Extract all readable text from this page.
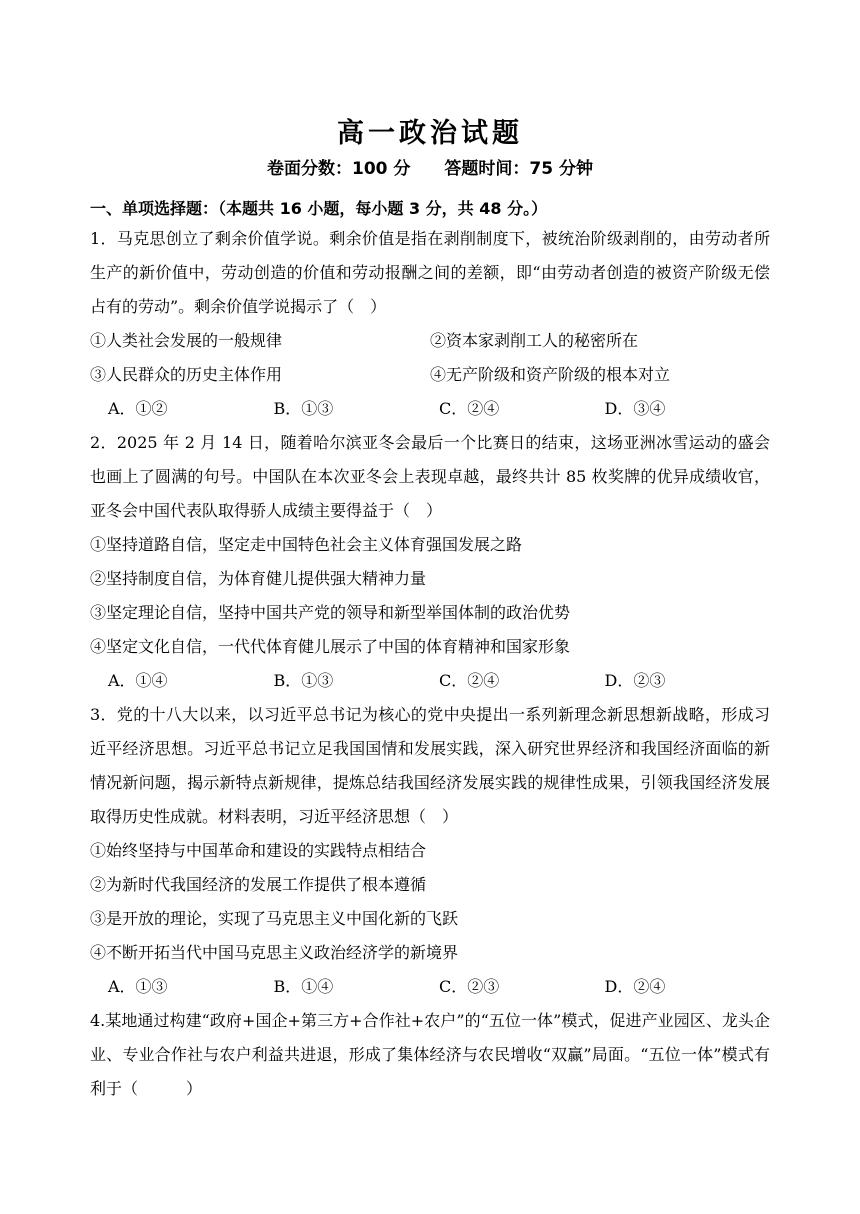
高一政治试题
卷面分数：100 分 答题时间：75 分钟
一、单项选择题：（本题共 16 小题，每小题 3 分，共 48 分。）

1．马克思创立了剩余价值学说。剩余价值是指在剥削制度下，被统治阶级剥削的，由劳动者所生产的新价值中，劳动创造的价值和劳动报酬之间的差额，即“由劳动者创造的被资产阶级无偿占有的劳动”。剩余价值学说揭示了（　）

①人类社会发展的一般规律	②资本家剥削工人的秘密所在
③人民群众的历史主体作用	④无产阶级和资产阶级的根本对立
A．①②	B．①③	C．②④	D．③④

2．2025 年 2 月 14 日，随着哈尔滨亚冬会最后一个比赛日的结束，这场亚洲冰雪运动的盛会也画上了圆满的句号。中国队在本次亚冬会上表现卓越，最终共计 85 枚奖牌的优异成绩收官，亚冬会中国代表队取得骄人成绩主要得益于（　）

①坚持道路自信，坚定走中国特色社会主义体育强国发展之路
②坚持制度自信，为体育健儿提供强大精神力量
③坚定理论自信，坚持中国共产党的领导和新型举国体制的政治优势
④坚定文化自信，一代代体育健儿展示了中国的体育精神和国家形象
A．①④	B．①③	C．②④	D．②③

3．党的十八大以来，以习近平总书记为核心的党中央提出一系列新理念新思想新战略，形成习近平经济思想。习近平总书记立足我国国情和发展实践，深入研究世界经济和我国经济面临的新情况新问题，揭示新特点新规律，提炼总结我国经济发展实践的规律性成果，引领我国经济发展取得历史性成就。材料表明，习近平经济思想（　）

①始终坚持与中国革命和建设的实践特点相结合
②为新时代我国经济的发展工作提供了根本遵循
③是开放的理论，实现了马克思主义中国化新的飞跃
④不断开拓当代中国马克思主义政治经济学的新境界
A．①③	B．①④	C．②③	D．②④

4.某地通过构建“政府+国企+第三方+合作社+农户”的“五位一体”模式，促进产业园区、龙头企业、专业合作社与农户利益共进退，形成了集体经济与农民增收“双赢”局面。“五位一体”模式有利于（　　　）
